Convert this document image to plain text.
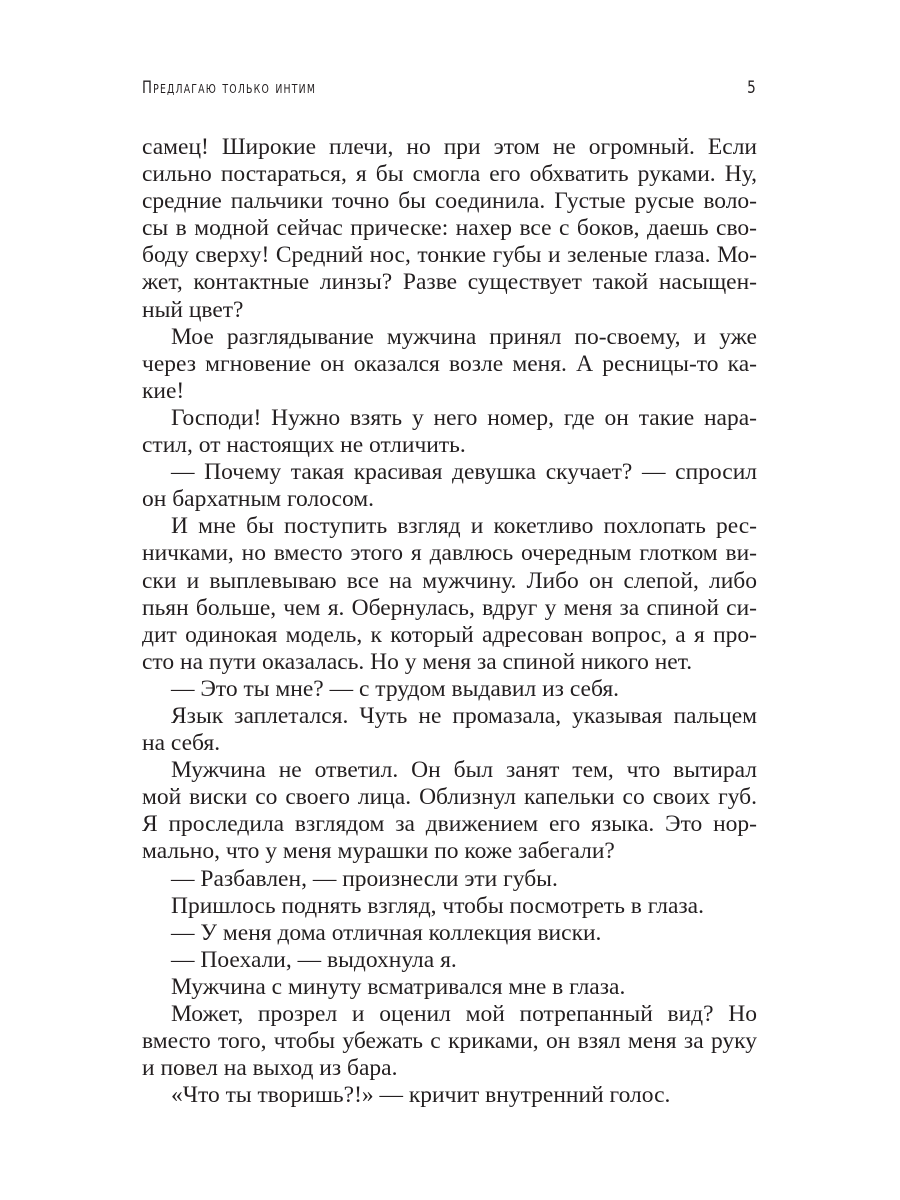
Предлагаю только интим	5
самец! Широкие плечи, но при этом не огромный. Если
сильно постараться, я бы смогла его обхватить руками. Ну,
средние пальчики точно бы соединила. Густые русые воло-
сы в модной сейчас прическе: нахер все с боков, даешь сво-
боду сверху! Средний нос, тонкие губы и зеленые глаза. Мо-
жет, контактные линзы? Разве существует такой насыщен-
ный цвет?
Мое разглядывание мужчина принял по-своему, и уже
через мгновение он оказался возле меня. А ресницы-то ка-
кие!
Господи! Нужно взять у него номер, где он такие нара-
стил, от настоящих не отличить.
— Почему такая красивая девушка скучает? — спросил
он бархатным голосом.
И мне бы поступить взгляд и кокетливо похлопать рес-
ничками, но вместо этого я давлюсь очередным глотком ви-
ски и выплевываю все на мужчину. Либо он слепой, либо
пьян больше, чем я. Обернулась, вдруг у меня за спиной си-
дит одинокая модель, к который адресован вопрос, а я про-
сто на пути оказалась. Но у меня за спиной никого нет.
— Это ты мне? — с трудом выдавил из себя.
Язык заплетался. Чуть не промазала, указывая пальцем
на себя.
Мужчина не ответил. Он был занят тем, что вытирал
мой виски со своего лица. Облизнул капельки со своих губ.
Я проследила взглядом за движением его языка. Это нор-
мально, что у меня мурашки по коже забегали?
— Разбавлен, — произнесли эти губы.
Пришлось поднять взгляд, чтобы посмотреть в глаза.
— У меня дома отличная коллекция виски.
— Поехали, — выдохнула я.
Мужчина с минуту всматривался мне в глаза.
Может, прозрел и оценил мой потрепанный вид? Но
вместо того, чтобы убежать с криками, он взял меня за руку
и повел на выход из бара.
«Что ты творишь?!» — кричит внутренний голос.
